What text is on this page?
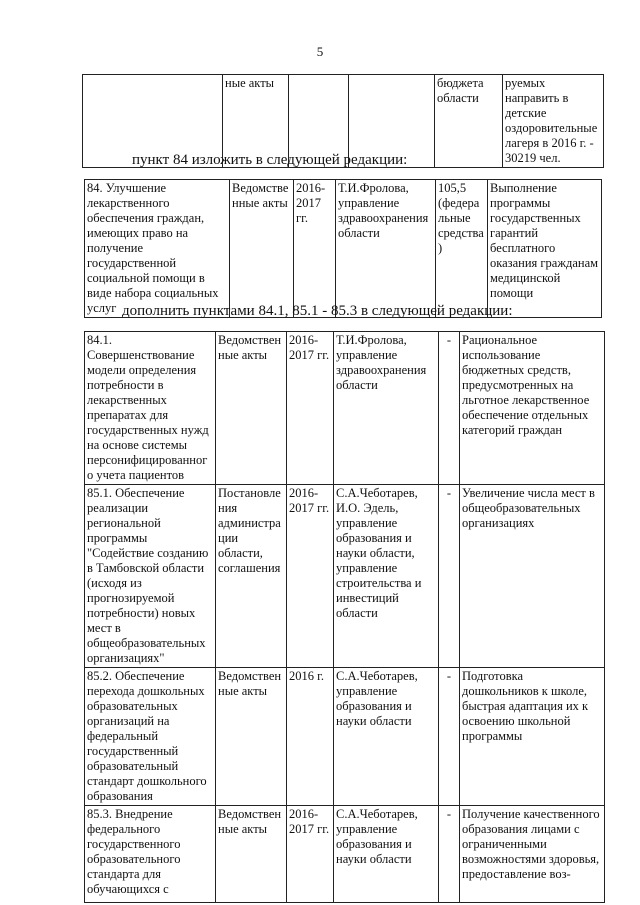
5
	ные акты			бюджета области	руемых направить в детские оздоровительные лагеря в 2016 г. - 30219 чел.
пункт 84 изложить в следующей редакции:
84. Улучшение лекарственного обеспечения граждан, имеющих право на получение государственной социальной помощи в виде набора социальных услуг	Ведомственные акты	2016-2017 гг.	Т.И.Фролова, управление здравоохранения области	105,5 (федеральные средства)	Выполнение программы государственных гарантий бесплатного оказания гражданам медицинской помощи
дополнить пунктами 84.1, 85.1 - 85.3 в следующей редакции:
84.1. Совершенствование модели определения потребности в лекарственных препаратах для государственных нужд на основе системы персонифицированного учета пациентов	Ведомственные акты	2016-2017 гг.	Т.И.Фролова, управление здравоохранения области	-	Рациональное использование бюджетных средств, предусмотренных на льготное лекарственное обеспечение отдельных категорий граждан
85.1. Обеспечение реализации региональной программы "Содействие созданию в Тамбовской области (исходя из прогнозируемой потребности) новых мест в общеобразовательных организациях"	Постановления администрации области, соглашения	2016-2017 гг.	С.А.Чеботарев, И.О. Эдель, управление образования и науки области, управление строительства и инвестиций области	-	Увеличение числа мест в общеобразовательных организациях
85.2. Обеспечение перехода дошкольных образовательных организаций на федеральный государственный образовательный стандарт дошкольного образования	Ведомственные акты	2016 г.	С.А.Чеботарев, управление образования и науки области	-	Подготовка дошкольников к школе, быстрая адаптация их к освоению школьной программы
85.3. Внедрение федерального государственного образовательного стандарта для обучающихся с	Ведомственные акты	2016-2017 гг.	С.А.Чеботарев, управление образования и науки области	-	Получение качественного образования лицами с ограниченными возможностями здоровья, предоставление воз-
